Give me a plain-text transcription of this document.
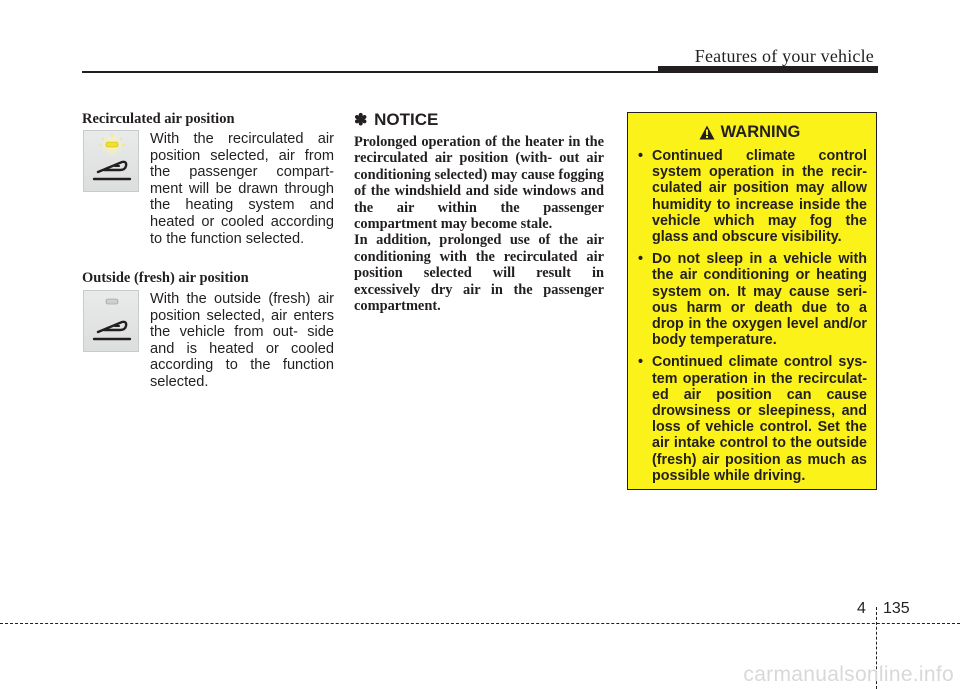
Features of your vehicle
Recirculated air position
With the recirculated air position selected, air from the passenger compart- ment will be drawn through the heating system and heated or cooled according to the function selected.
Outside (fresh) air position
With the outside (fresh) air position selected, air enters the vehicle from out- side and is heated or cooled according to the function selected.
✽ NOTICE

Prolonged operation of the heater in the recirculated air position (with- out air conditioning selected) may cause fogging of the windshield and side windows and the air within the passenger compartment may become stale.

In addition, prolonged use of the air conditioning with the recirculated air position selected will result in excessively dry air in the passenger compartment.

WARNING
• Continued climate control system operation in the recir- culated air position may allow humidity to increase inside the vehicle which may fog the glass and obscure visibility.
• Do not sleep in a vehicle with the air conditioning or heating system on. It may cause seri- ous harm or death due to a drop in the oxygen level and/or body temperature.
• Continued climate control sys- tem operation in the recirculat- ed air position can cause drowsiness or sleepiness, and loss of vehicle control. Set the air intake control to the outside (fresh) air position as much as possible while driving.
4 135
carmanualsonline.info
